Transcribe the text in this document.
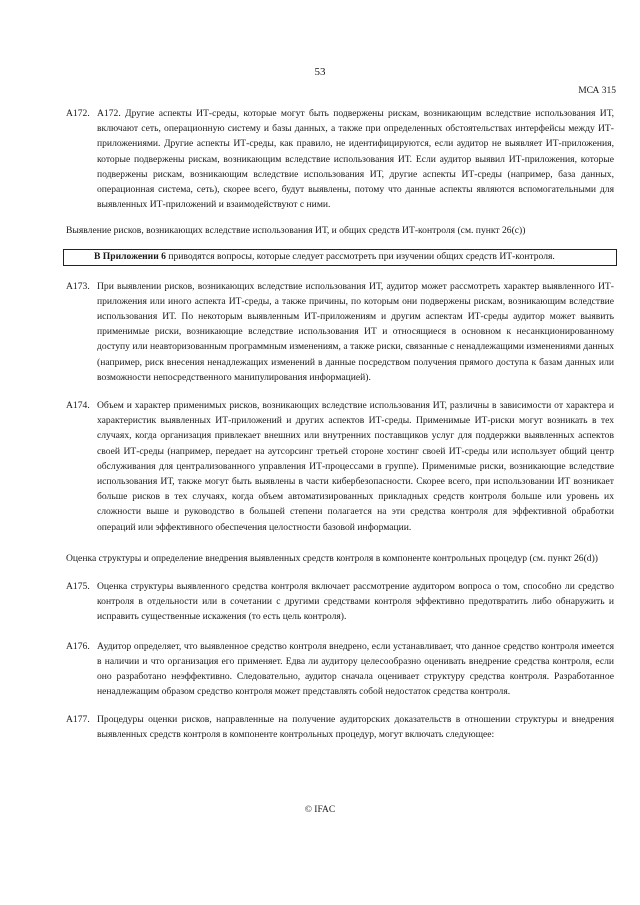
53
МСА 315
A172. A172. Другие аспекты ИТ-среды, которые могут быть подвержены рискам, возникающим вследствие использования ИТ, включают сеть, операционную систему и базы данных, а также при определенных обстоятельствах интерфейсы между ИТ-приложениями. Другие аспекты ИТ-среды, как правило, не идентифицируются, если аудитор не выявляет ИТ-приложения, которые подвержены рискам, возникающим вследствие использования ИТ. Если аудитор выявил ИТ-приложения, которые подвержены рискам, возникающим вследствие использования ИТ, другие аспекты ИТ-среды (например, база данных, операционная система, сеть), скорее всего, будут выявлены, потому что данные аспекты являются вспомогательными для выявленных ИТ-приложений и взаимодействуют с ними.
Выявление рисков, возникающих вследствие использования ИТ, и общих средств ИТ-контроля (см. пункт 26(c))
В Приложении 6 приводятся вопросы, которые следует рассмотреть при изучении общих средств ИТ-контроля.
A173. При выявлении рисков, возникающих вследствие использования ИТ, аудитор может рассмотреть характер выявленного ИТ-приложения или иного аспекта ИТ-среды, а также причины, по которым они подвержены рискам, возникающим вследствие использования ИТ. По некоторым выявленным ИТ-приложениям и другим аспектам ИТ-среды аудитор может выявить применимые риски, возникающие вследствие использования ИТ и относящиеся в основном к несанкционированному доступу или неавторизованным программным изменениям, а также риски, связанные с ненадлежащими изменениями данных (например, риск внесения ненадлежащих изменений в данные посредством получения прямого доступа к базам данных или возможности непосредственного манипулирования информацией).
A174. Объем и характер применимых рисков, возникающих вследствие использования ИТ, различны в зависимости от характера и характеристик выявленных ИТ-приложений и других аспектов ИТ-среды. Применимые ИТ-риски могут возникать в тех случаях, когда организация привлекает внешних или внутренних поставщиков услуг для поддержки выявленных аспектов своей ИТ-среды (например, передает на аутсорсинг третьей стороне хостинг своей ИТ-среды или использует общий центр обслуживания для централизованного управления ИТ-процессами в группе). Применимые риски, возникающие вследствие использования ИТ, также могут быть выявлены в части кибербезопасности. Скорее всего, при использовании ИТ возникает больше рисков в тех случаях, когда объем автоматизированных прикладных средств контроля больше или уровень их сложности выше и руководство в большей степени полагается на эти средства контроля для эффективной обработки операций или эффективного обеспечения целостности базовой информации.
Оценка структуры и определение внедрения выявленных средств контроля в компоненте контрольных процедур (см. пункт 26(d))
A175. Оценка структуры выявленного средства контроля включает рассмотрение аудитором вопроса о том, способно ли средство контроля в отдельности или в сочетании с другими средствами контроля эффективно предотвратить либо обнаружить и исправить существенные искажения (то есть цель контроля).
A176. Аудитор определяет, что выявленное средство контроля внедрено, если устанавливает, что данное средство контроля имеется в наличии и что организация его применяет. Едва ли аудитору целесообразно оценивать внедрение средства контроля, если оно разработано неэффективно. Следовательно, аудитор сначала оценивает структуру средства контроля. Разработанное ненадлежащим образом средство контроля может представлять собой недостаток средства контроля.
A177. Процедуры оценки рисков, направленные на получение аудиторских доказательств в отношении структуры и внедрения выявленных средств контроля в компоненте контрольных процедур, могут включать следующее:
© IFAC
